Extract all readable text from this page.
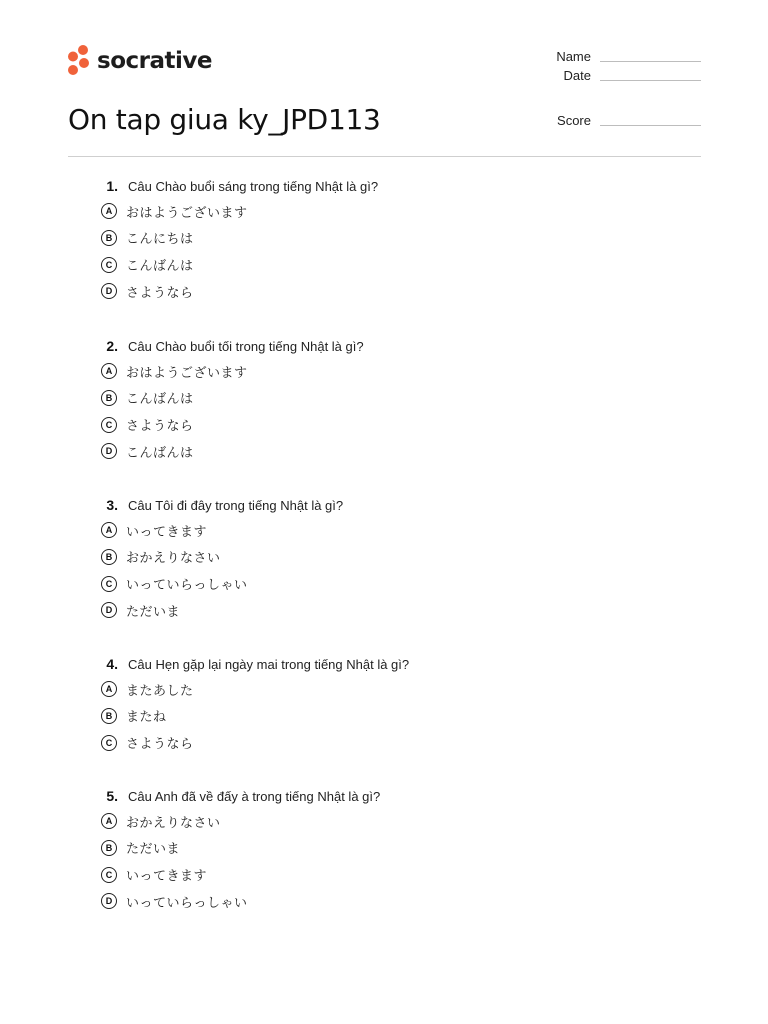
socrative
On tap giua ky_JPD113
Name
Date
Score
1. Câu Chào buổi sáng trong tiếng Nhật là gì?
A	おはようございます
B	こんにちは
C	こんばんは
D	さようなら
2. Câu Chào buổi tối trong tiếng Nhật là gì?
A	おはようございます
B	こんばんは
C	さようなら
D	こんばんは
3. Câu Tôi đi đây trong tiếng Nhật là gì?
A	いってきます
B	おかえりなさい
C	いっていらっしゃい
D	ただいま
4. Câu Hẹn gặp lại ngày mai trong tiếng Nhật là gì?
A	またあした
B	またね
C	さようなら
5. Câu Anh đã về đấy à trong tiếng Nhật là gì?
A	おかえりなさい
B	ただいま
C	いってきます
D	いっていらっしゃい
